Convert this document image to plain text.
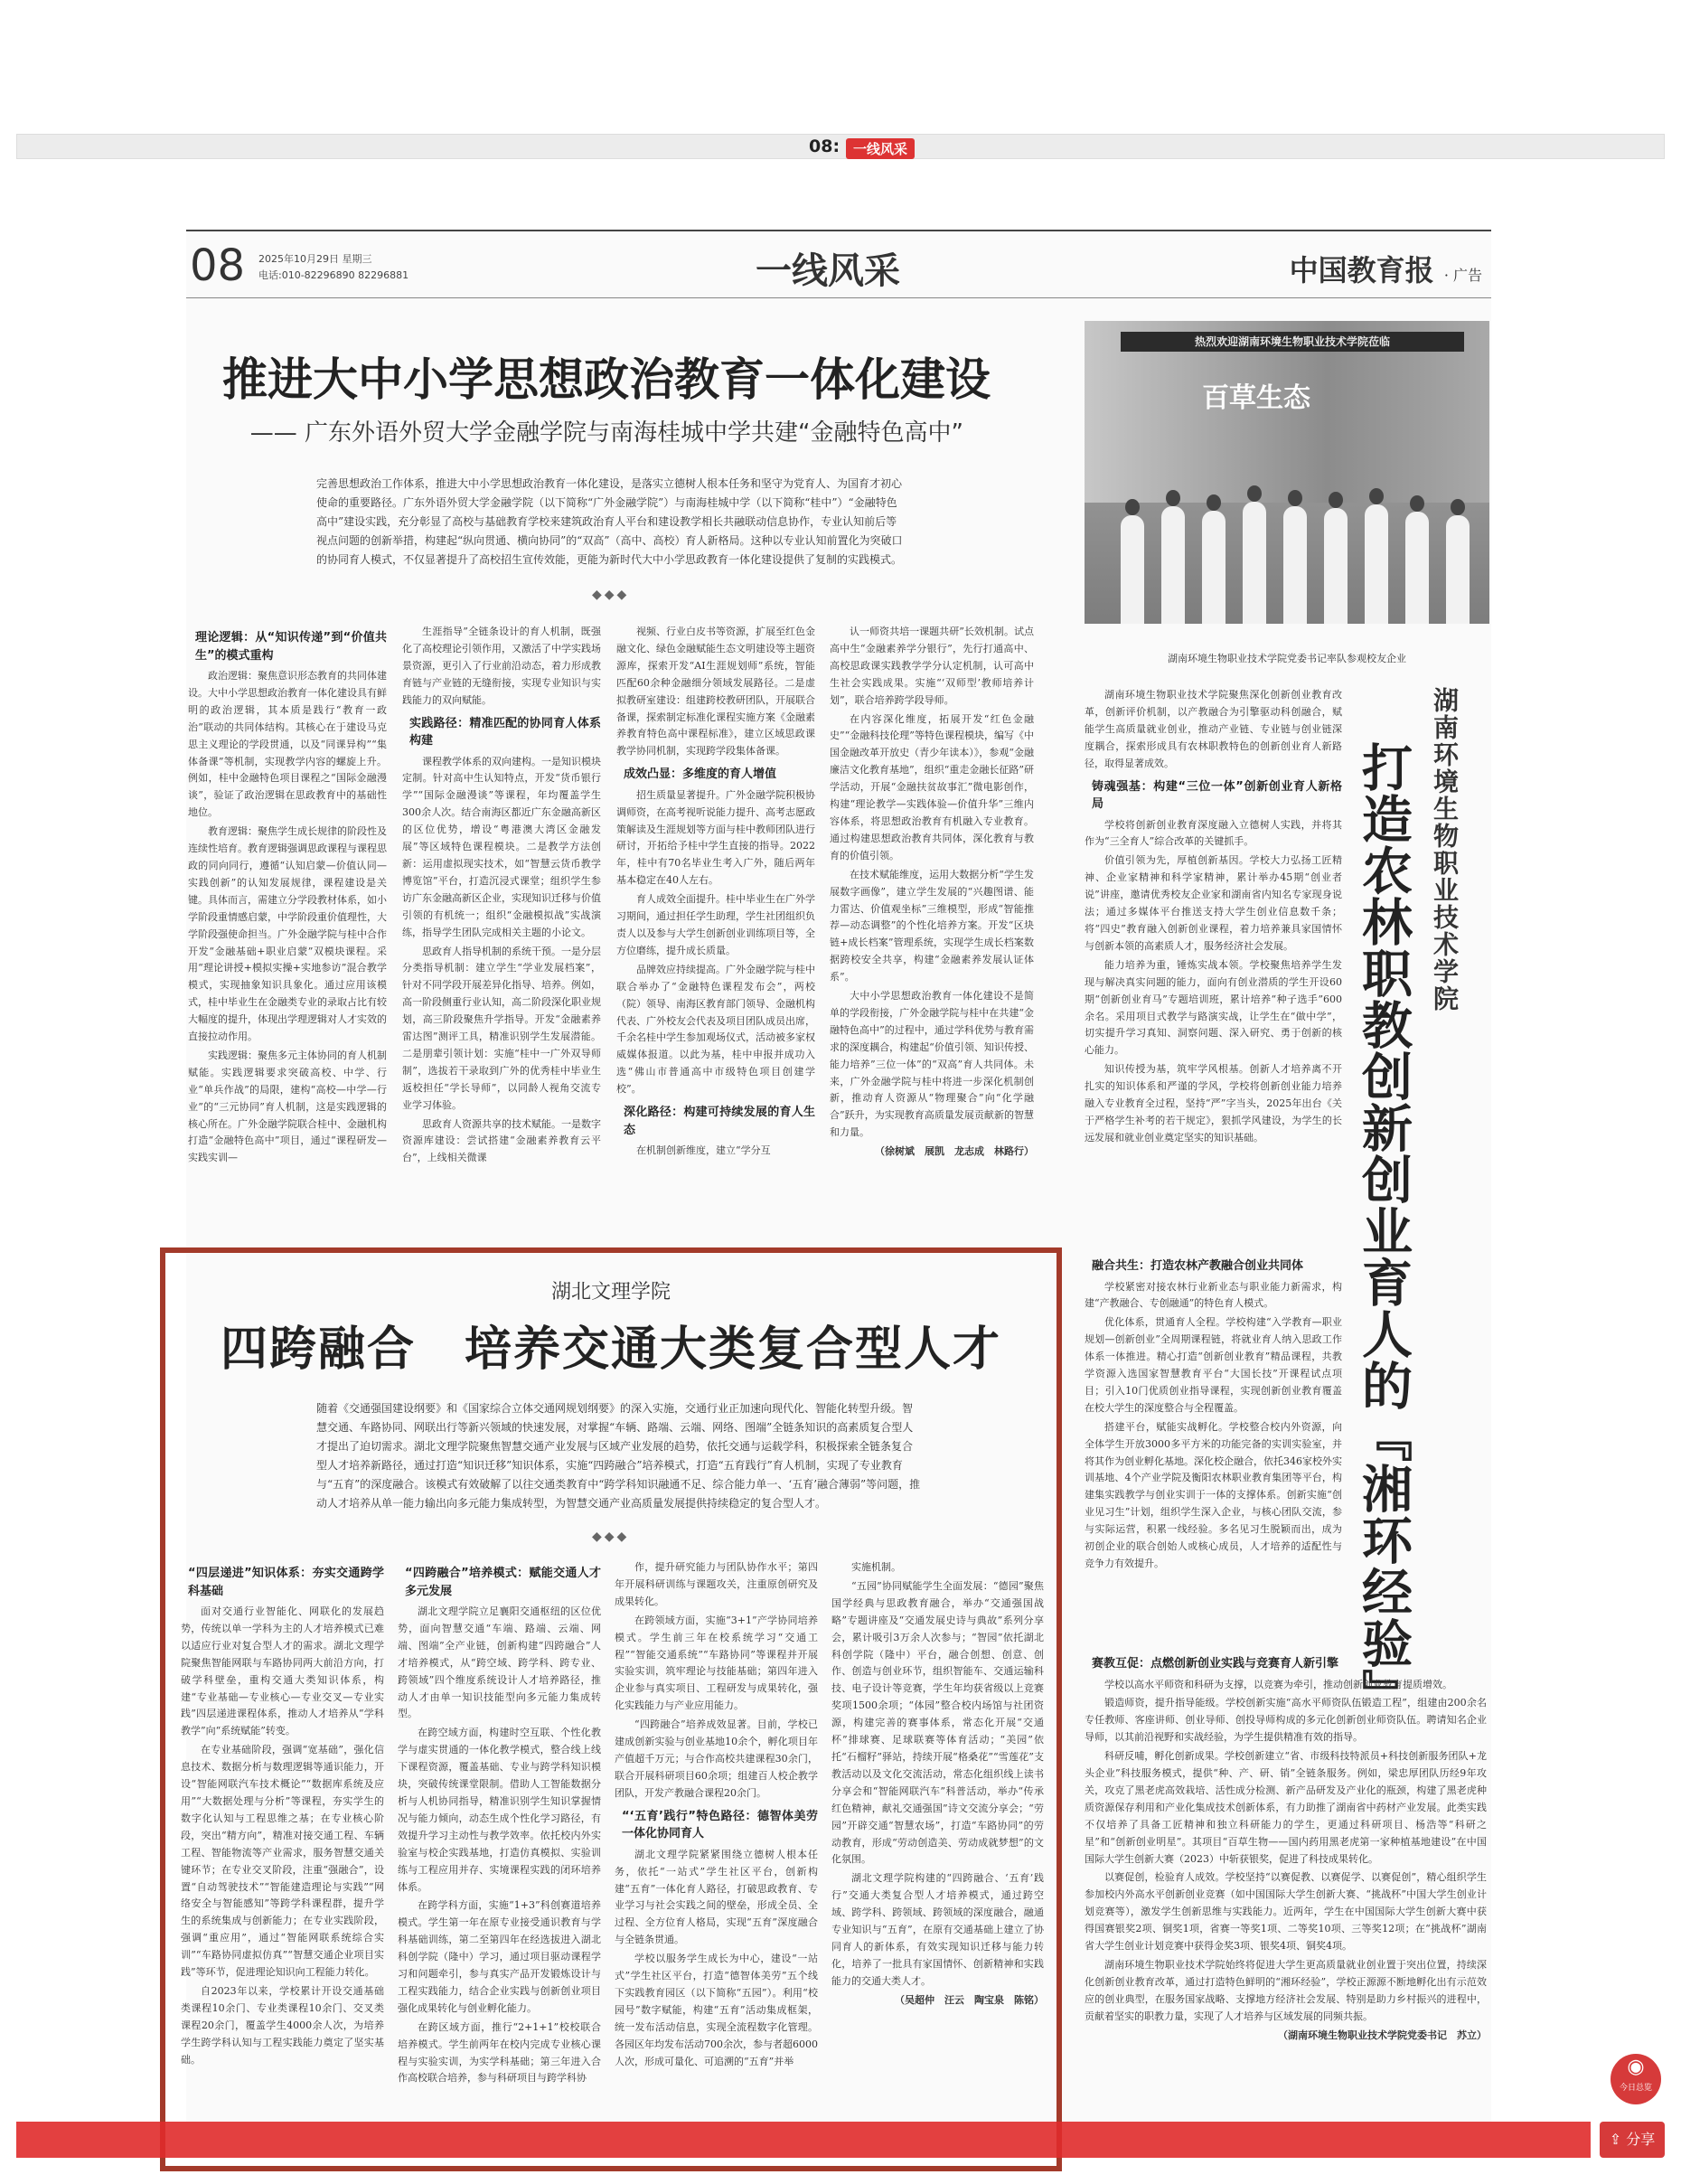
08: 一线风采
08 2025年10月29日 星期三
电话:010-82296890 82296881	一线风采	中国教育报 · 广告
推进大中小学思想政治教育一体化建设
—— 广东外语外贸大学金融学院与南海桂城中学共建“金融特色高中”
完善思想政治工作体系，推进大中小学思想政治教育一体化建设，是落实立德树人根本任务和坚守为党育人、为国育才初心使命的重要路径。广东外语外贸大学金融学院（以下简称“广外金融学院”）与南海桂城中学（以下简称“桂中”）“金融特色高中”建设实践，充分彰显了高校与基础教育学校来建筑政治育人平台和建设教学相长共融联动信息协作，专业认知前后等视点问题的创新举措，构建起“纵向贯通、横向协同”的“双高”（高中、高校）育人新格局。这种以专业认知前置化为突破口的协同育人模式，不仅显著提升了高校招生宣传效能，更能为新时代大中小学思政教育一体化建设提供了复制的实践模式。
◆◆◆
理论逻辑：从“知识传递”到“价值共生”的模式重构

政治逻辑：聚焦意识形态教育的共同体建设。大中小学思想政治教育一体化建设具有鲜明的政治逻辑，其本质是践行“教育一政治”联动的共同体结构。其核心在于建设马克思主义理论的学段贯通，以及“同课异构”“集体备课”等机制，实现教学内容的螺旋上升。例如，桂中金融特色项目课程之“国际金融漫谈”，验证了政治逻辑在思政教育中的基础性地位。

教育逻辑：聚焦学生成长规律的阶段性及连续性培育。教育逻辑强调思政课程与课程思政的同向同行，遵循“认知启蒙—价值认同—实践创新”的认知发展规律，课程建设是关键。具体而言，需建立分学段教材体系，如小学阶段重情感启蒙，中学阶段重价值理性，大学阶段强使命担当。广外金融学院与桂中合作开发“金融基础+职业启蒙”双模块课程。采用“理论讲授+模拟实操+实地参访”混合教学模式，实现抽象知识具象化。通过应用该模式，桂中毕业生在金融类专业的录取占比有较大幅度的提升，体现出学理逻辑对人才实效的直接拉动作用。

实践逻辑：聚焦多元主体协同的育人机制赋能。实践逻辑要求突破高校、中学、行业“单兵作战”的局限，建构“高校—中学—行业”的“三元协同”育人机制，这是实践逻辑的核心所在。广外金融学院联合桂中、金融机构打造“金融特色高中”项目，通过“课程研发—实践实训—

生涯指导”全链条设计的育人机制，既强化了高校理论引领作用，又激活了中学实践场景资源，更引入了行业前沿动态，着力形成教育链与产业链的无缝衔接，实现专业知识与实践能力的双向赋能。

实践路径：精准匹配的协同育人体系构建

课程教学体系的双向建构。一是知识模块定制。针对高中生认知特点，开发“货币银行学”“国际金融漫谈”等课程，年均覆盖学生300余人次。结合南海区都近广东金融高新区的区位优势，增设“粤港澳大湾区金融发展”等区域特色课程模块。二是教学方法创新：运用虚拟现实技术，如“智慧云货币教学博览馆”平台，打造沉浸式课堂；组织学生参访广东金融高新区企业，实现知识迁移与价值引领的有机统一；组织“金融模拟战”实战演练，指导学生团队完成相关主题的小论文。

思政育人指导机制的系统干预。一是分层分类指导机制：建立学生“学业发展档案”，针对不同学段开展差异化指导、培养。例如，高一阶段侧重行业认知，高二阶段深化职业规划，高三阶段聚焦升学指导。开发“金融素养雷达图”测评工具，精准识别学生发展潜能。二是朋辈引领计划：实施“桂中一广外双导师制”，选拔若干录取到广外的优秀桂中毕业生返校担任“学长导师”，以同龄人视角交流专业学习体验。

思政育人资源共享的技术赋能。一是数字资源库建设：尝试搭建“金融素养教育云平台”，上线相关微课

视频、行业白皮书等资源，扩展至红色金融文化、绿色金融赋能生态文明建设等主题资源库，探索开发“AI生涯规划师”系统，智能匹配60余种金融细分领域发展路径。二是虚拟教研室建设：组建跨校教研团队，开展联合备课，探索制定标准化课程实施方案《金融素养教育特色高中课程标准》，建立区域思政课教学协同机制，实现跨学段集体备课。

成效凸显：多维度的育人增值

招生质量显著提升。广外金融学院积极协调师资，在高考视听说能力提升、高考志愿政策解读及生涯规划等方面与桂中教师团队进行研讨，开拓给予桂中学生直接的指导。2022年，桂中有70名毕业生考入广外，随后两年基本稳定在40人左右。

育人成效全面提升。桂中毕业生在广外学习期间，通过担任学生助理，学生社团组织负责人以及参与大学生创新创业训练项目等，全方位磨练，提升成长质量。

品牌效应持续提高。广外金融学院与桂中联合举办了“金融特色课程发布会”，两校（院）领导、南海区教育部门领导、金融机构代表、广外校友会代表及项目团队成员出席，千余名桂中学生参加观场仪式，活动被多家权威媒体报道。以此为基，桂中申报并成功入选“佛山市普通高中市级特色项目创建学校”。

深化路径：构建可持续发展的育人生态

在机制创新维度，建立“学分互

认一师资共培一课题共研”长效机制。试点高中生“金融素养学分银行”，先行打通高中、高校思政课实践教学学分认定机制，认可高中生社会实践成果。实施“‘双师型’教师培养计划”，联合培养跨学段导师。

在内容深化维度，拓展开发“红色金融史”“金融科技伦理”等特色课程模块，编写《中国金融改革开放史（青少年读本）》，参观“金融廉洁文化教育基地”，组织“重走金融长征路”研学活动，开展“金融扶贫故事汇”微电影创作，构建“理论教学—实践体验—价值升华”三维内容体系，将思想政治教育有机融入专业教育。通过构建思想政治教育共同体，深化教育与教育的价值引领。

在技术赋能维度，运用大数据分析“学生发展数字画像”，建立学生发展的“兴趣图谱、能力雷达、价值观坐标”三维模型，形成“智能推荐—动态调整”的个性化培养方案。开发“区块链+成长档案”管理系统，实现学生成长档案数据跨校安全共享，构建“金融素养发展认证体系”。

大中小学思想政治教育一体化建设不是简单的学段衔接，广外金融学院与桂中在共建“金融特色高中”的过程中，通过学科优势与教育需求的深度耦合，构建起“价值引领、知识传授、能力培养”三位一体”的“双高”育人共同体。未来，广外金融学院与桂中将进一步深化机制创新，推动育人资源从“物理聚合”向“化学融合”跃升，为实现教育高质量发展贡献新的智慧和力量。

（徐树斌　展凯　龙志成　林路行）

热烈欢迎湖南环境生物职业技术学院莅临
百草生态
湖南环境生物职业技术学院党委书记率队参观校友企业
湖南环境生物职业技术学院
打造农林职教创新创业育人的『湘环经验』

湖南环境生物职业技术学院聚焦深化创新创业教育改革，创新评价机制，以产教融合为引擎驱动科创融合，赋能学生高质量就业创业，推动产业链、专业链与创业链深度耦合，探索形成具有农林职教特色的创新创业育人新路径，取得显著成效。

铸魂强基：构建“三位一体”创新创业育人新格局

学校将创新创业教育深度融入立德树人实践，并将其作为“三全育人”综合改革的关键抓手。

价值引领为先，厚植创新基因。学校大力弘扬工匠精神、企业家精神和科学家精神，累计举办45期“创业者说”讲座，邀请优秀校友企业家和湖南省内知名专家现身说法；通过多媒体平台推送支持大学生创业信息数千条；将“四史”教育融入创新创业课程，着力培养兼具家国情怀与创新本领的高素质人才，服务经济社会发展。

能力培养为重，锤炼实战本领。学校聚焦培养学生发现与解决真实问题的能力，面向有创业潜质的学生开设60期“创新创业育马”专题培训班，累计培养“种子选手”600余名。采用项目式教学与路演实战，让学生在“做中学”，切实提升学习真知、洞察问题、深入研究、勇于创新的核心能力。

知识传授为基，筑牢学风根基。创新人才培养离不开扎实的知识体系和严谨的学风，学校将创新创业能力培养融入专业教育全过程，坚持“严”字当头，2025年出台《关于严格学生补考的若干规定》，狠抓学风建设，为学生的长远发展和就业创业奠定坚实的知识基础。

融合共生：打造农林产教融合创业共同体

学校紧密对接农林行业新业态与职业能力新需求，构建“产教融合、专创融通”的特色育人模式。

优化体系，贯通育人全程。学校构建“入学教育—职业规划—创新创业”全周期课程链，将就业育人纳入思政工作体系一体推进。精心打造“创新创业教育”精品课程，共教学资源入选国家智慧教育平台“大国长技”开课程试点项目；引入10门优质创业指导课程，实现创新创业教育覆盖在校大学生的深度整合与全程覆盖。

搭建平台，赋能实战孵化。学校整合校内外资源，向全体学生开放3000多平方米的功能完备的实训实验室，并将其作为创业孵化基地。深化校企融合，依托346家校外实训基地、4个产业学院及衡阳农林职业教育集团等平台，构建集实践教学与创业实训于一体的支撑体系。创新实施“创业见习生”计划，组织学生深入企业，与核心团队交流，参与实际运营，积累一线经验。多名见习生脱颖而出，成为初创企业的联合创始人或核心成员，人才培养的适配性与竞争力有效提升。

赛教互促：点燃创新创业实践与竞赛育人新引擎

学校以高水平师资和科研为支撑，以竞赛为牵引，推动创新创业教育提质增效。

锻造师资，提升指导能级。学校创新实施“高水平师资队伍锻造工程”，组建由200余名专任教师、客座讲师、创业导师、创投导师构成的多元化创新创业师资队伍。聘请知名企业导师，以其前沿视野和实战经验，为学生提供精准有效的指导。

科研反哺，孵化创新成果。学校创新建立“省、市级科技特派员+科技创新服务团队+龙头企业”科技服务模式，提供“种、产、研、销”全链条服务。例如，梁忠厚团队历经9年攻关，攻克了黑老虎高效栽培、活性成分检测、新产品研发及产业化的瓶颈，构建了黑老虎种质资源保存利用和产业化集成技术创新体系，有力助推了湖南省中药材产业发展。此类实践不仅培养了具备工匠精神和独立科研能力的学生，更通过科研项目、杨浩等“科研之星”和“创新创业明星”。其项目“百草生物——国内药用黑老虎第一家种植基地建设”在中国国际大学生创新大赛（2023）中斩获银奖，促进了科技成果转化。

以赛促创，检验育人成效。学校坚持“以赛促教、以赛促学、以赛促创”，精心组织学生参加校内外高水平创新创业竞赛（如中国国际大学生创新大赛、“挑战杯”中国大学生创业计划竞赛等），激发学生创新思维与实践能力。近两年，学生在中国国际大学生创新大赛中获得国赛银奖2项、铜奖1项，省赛一等奖1项、二等奖10项、三等奖12项；在“挑战杯”湖南省大学生创业计划竞赛中获得金奖3项、银奖4项、铜奖4项。

湖南环境生物职业技术学院始终将促进大学生更高质量就业创业置于突出位置，持续深化创新创业教育改革，通过打造特色鲜明的“湘环经验”，学校正源源不断地孵化出有示范效应的创业典型，在服务国家战略、支撑地方经济社会发展、特别是助力乡村振兴的进程中，贡献着坚实的职教力量，实现了人才培养与区域发展的同频共振。

（湖南环境生物职业技术学院党委书记　苏立）

湖北文理学院
四跨融合　培养交通大类复合型人才
随着《交通强国建设纲要》和《国家综合立体交通网规划纲要》的深入实施，交通行业正加速向现代化、智能化转型升级。智慧交通、车路协同、网联出行等新兴领域的快速发展，对掌握“车辆、路端、云端、网络、图端”全链条知识的高素质复合型人才提出了迫切需求。湖北文理学院聚焦智慧交通产业发展与区域产业发展的趋势，依托交通与运载学科，积极探索全链条复合型人才培养新路径，通过打造“知识迁移”知识体系，实施“四跨融合”培养模式，打造“五育践行”育人机制，实现了专业教育与“五育”的深度融合。该模式有效破解了以往交通类教育中“跨学科知识融通不足、综合能力单一、‘五育’融合薄弱”等问题，推动人才培养从单一能力输出向多元能力集成转型，为智慧交通产业高质量发展提供持续稳定的复合型人才。
◆◆◆
“四层递进”知识体系：夯实交通跨学科基础

面对交通行业智能化、网联化的发展趋势，传统以单一学科为主的人才培养模式已难以适应行业对复合型人才的需求。湖北文理学院聚焦智能网联与车路协同两大前沿方向，打破学科壁垒，重构交通大类知识体系，构建“专业基础—专业核心—专业交叉—专业实践”四层递进课程体系，推动人才培养从“学科教学”向“系统赋能”转变。

在专业基础阶段，强调“宽基础”，强化信息技术、数据分析与数理逻辑等通识能力，开设“智能网联汽车技术概论”“数据库系统及应用”“大数据处理与分析”等课程，夯实学生的数字化认知与工程思维之基；在专业核心阶段，突出“精方向”，精准对接交通工程、车辆工程、智能物流等产业需求，服务智慧交通关键环节；在专业交叉阶段，注重“强融合”，设置“自动驾驶技术”“智能建造理论与实践”“网络安全与智能感知”等跨学科课程群，提升学生的系统集成与创新能力；在专业实践阶段，强调“重应用”，通过“智能网联系统综合实训”“车路协同虚拟仿真”“智慧交通企业项目实践”等环节，促进理论知识向工程能力转化。

自2023年以来，学校累计开设交通基础类课程10余门、专业类课程10余门、交叉类课程20余门，覆盖学生4000余人次，为培养学生跨学科认知与工程实践能力奠定了坚实基础。

“四跨融合”培养模式：赋能交通人才多元发展

湖北文理学院立足襄阳交通枢纽的区位优势，面向智慧交通“车端、路端、云端、网端、图端”全产业链，创新构建“四跨融合”人才培养模式，从“跨空域、跨学科、跨专业、跨领域”四个维度系统设计人才培养路径，推动人才由单一知识技能型向多元能力集成转型。

在跨空域方面，构建时空互联、个性化教学与虚实贯通的一体化教学模式，整合线上线下课程资源，覆盖基础、专业与跨学科知识模块，突破传统课堂限制。借助人工智能数据分析与人机协同指导，精准识别学生知识掌握情况与能力倾向，动态生成个性化学习路径，有效提升学习主动性与教学效率。依托校内外实验室与校企实践基地，打造仿真模拟、实验训练与工程应用并存、实境课程实践的闭环培养体系。

在跨学科方面，实施“1+3”科创赛道培养模式。学生第一年在原专业接受通识教育与学科基础训练，第二至第四年在经选拔进入湖北科创学院（隆中）学习，通过项目驱动课程学习和问题牵引，参与真实产品开发锻炼设计与工程实践能力，结合企业实践与创新创业项目强化成果转化与创业孵化能力。

在跨区域方面，推行“2+1+1”校校联合培养模式。学生前两年在校内完成专业核心课程与实验实训，为实学科基础；第三年进入合作高校联合培养，参与科研项目与跨学科协

作，提升研究能力与团队协作水平；第四年开展科研训练与课题攻关，注重原创研究及成果转化。

在跨领域方面，实施“3+1”产学协同培养模式。学生前三年在校系统学习“交通工程”“智能交通系统”“车路协同”等课程并开展实验实训，筑牢理论与技能基础；第四年进入企业参与真实项目、工程研发与成果转化，强化实践能力与产业应用能力。

“四跨融合”培养成效显著。目前，学校已建成创新实验与创业基地10余个，孵化项目年产值超千万元；与合作高校共建课程30余门，联合开展科研项目60余项；组建百人校企教学团队，开发产教融合课程20余门。

“‘五育’践行”特色路径：德智体美劳一体化协同育人

湖北文理学院紧紧围绕立德树人根本任务，依托“一站式”学生社区平台，创新构建“五育”一体化育人路径，打破思政教育、专业学习与社会实践之间的壁垒，形成全员、全过程、全方位育人格局，实现“五育”深度融合与全链条贯通。

学校以服务学生成长为中心，建设“一站式”学生社区平台，打造“德智体美劳”五个线下实践教育园区（以下简称“五园”）。利用“校园号”数字赋能，构建“五育”活动集成框架，统一发布活动信息，实现全流程数字化管理。各园区年均发布活动700余次，参与者超6000人次，形成可量化、可追溯的“五育”并举

实施机制。

“五园”协同赋能学生全面发展：“德园”聚焦国学经典与思政教育融合，举办“交通强国战略”专题讲座及“交通发展史诗与典故”系列分享会，累计吸引3万余人次参与；“智园”依托湖北科创学院（隆中）平台，融合创想、创意、创作、创造与创业环节，组织智能车、交通运输科技、电子设计等竞赛，学生年均获省级以上竞赛奖项1500余项；“体园”整合校内场馆与社团资源，构建完善的赛事体系，常态化开展“交通杯”排球赛、足球联赛等体育活动；“美园”依托“石榴籽”驿站，持续开展“格桑花”“雪莲花”支教活动以及文化交流活动，常态化组织线上读书分享会和“智能网联汽车”科普活动，举办“传承红色精神，献礼交通强国”诗文交流分享会；“劳园”开辟交通“智慧农场”，打造“车路协同”的劳动教育，形成“劳动创造美、劳动成就梦想”的文化氛围。

湖北文理学院构建的“四跨融合、‘五育’践行”交通大类复合型人才培养模式，通过跨空域、跨学科、跨领域、跨领域的深度融合，融通专业知识与“五育”，在原有交通基础上建立了协同育人的新体系，有效实现知识迁移与能力转化，培养了一批具有家国情怀、创新精神和实践能力的交通大类人才。

（吴超仲　汪云　陶宝泉　陈铭）

◉
今日总览
⇪ 分享
